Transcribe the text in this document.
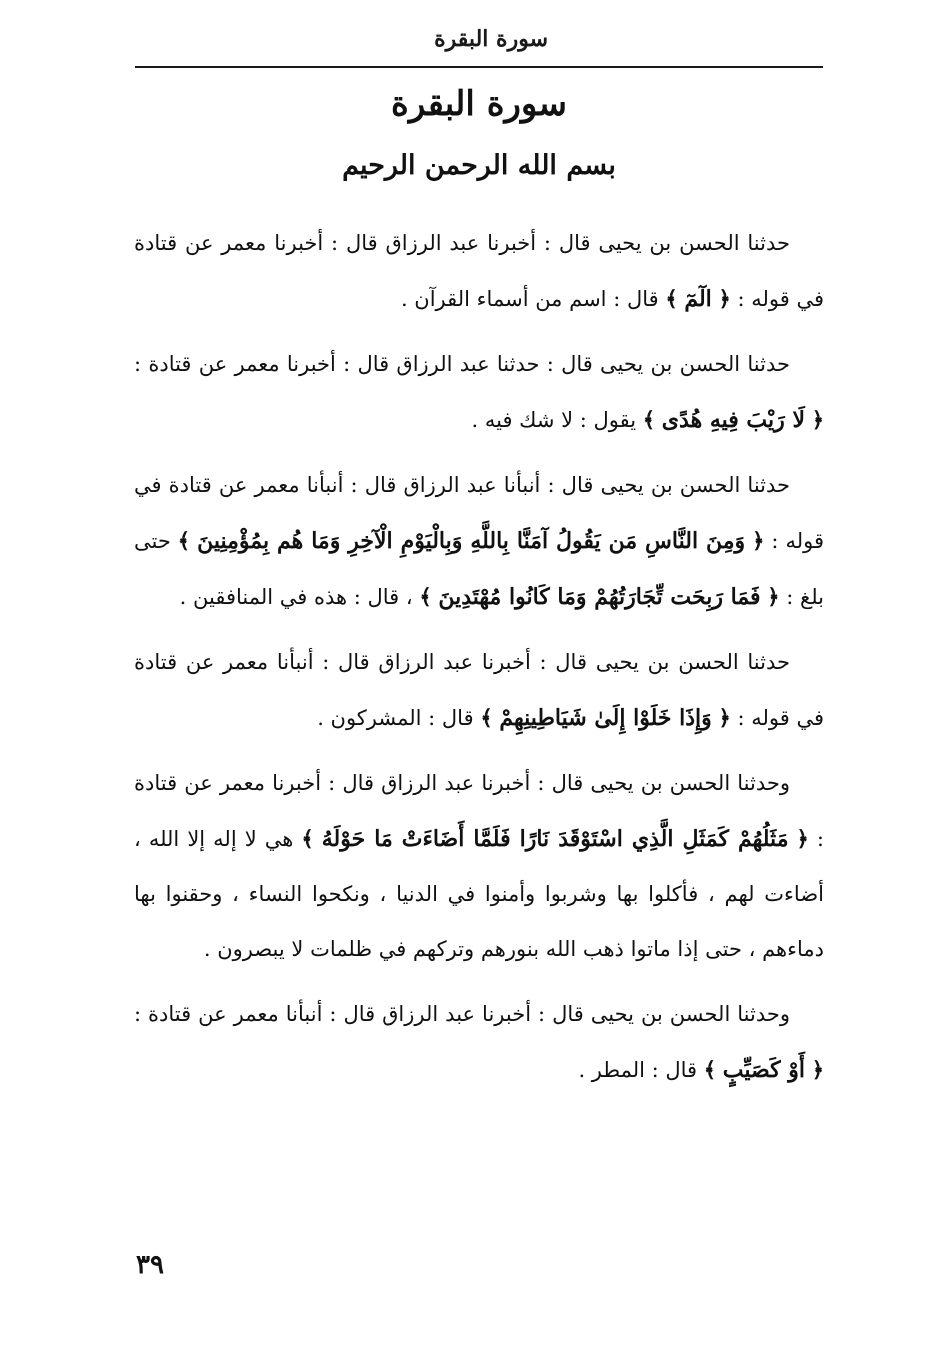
سورة البقرة
سورة البقرة
بسم الله الرحمن الرحيم

حدثنا الحسن بن يحيى قال : أخبرنا عبد الرزاق قال : أخبرنا معمر عن قتادة في قوله : ﴿ الٓمٓ ﴾ قال : اسم من أسماء القرآن .

حدثنا الحسن بن يحيى قال : حدثنا عبد الرزاق قال : أخبرنا معمر عن قتادة : ﴿ لَا رَيْبَ فِيهِ هُدًى ﴾ يقول : لا شك فيه .

حدثنا الحسن بن يحيى قال : أنبأنا عبد الرزاق قال : أنبأنا معمر عن قتادة في قوله : ﴿ وَمِنَ النَّاسِ مَن يَقُولُ آمَنَّا بِاللَّهِ وَبِالْيَوْمِ الْآخِرِ وَمَا هُم بِمُؤْمِنِينَ ﴾ حتى بلغ : ﴿ فَمَا رَبِحَت تِّجَارَتُهُمْ وَمَا كَانُوا مُهْتَدِينَ ﴾ ، قال : هذه في المنافقين .

حدثنا الحسن بن يحيى قال : أخبرنا عبد الرزاق قال : أنبأنا معمر عن قتادة في قوله : ﴿ وَإِذَا خَلَوْا إِلَىٰ شَيَاطِينِهِمْ ﴾ قال : المشركون .

وحدثنا الحسن بن يحيى قال : أخبرنا عبد الرزاق قال : أخبرنا معمر عن قتادة : ﴿ مَثَلُهُمْ كَمَثَلِ الَّذِي اسْتَوْقَدَ نَارًا فَلَمَّا أَضَاءَتْ مَا حَوْلَهُ ﴾ هي لا إله إلا الله ، أضاءت لهم ، فأكلوا بها وشربوا وأمنوا في الدنيا ، ونكحوا النساء ، وحقنوا بها دماءهم ، حتى إذا ماتوا ذهب الله بنورهم وتركهم في ظلمات لا يبصرون .

وحدثنا الحسن بن يحيى قال : أخبرنا عبد الرزاق قال : أنبأنا معمر عن قتادة : ﴿ أَوْ كَصَيِّبٍ ﴾ قال : المطر .

٣٩
